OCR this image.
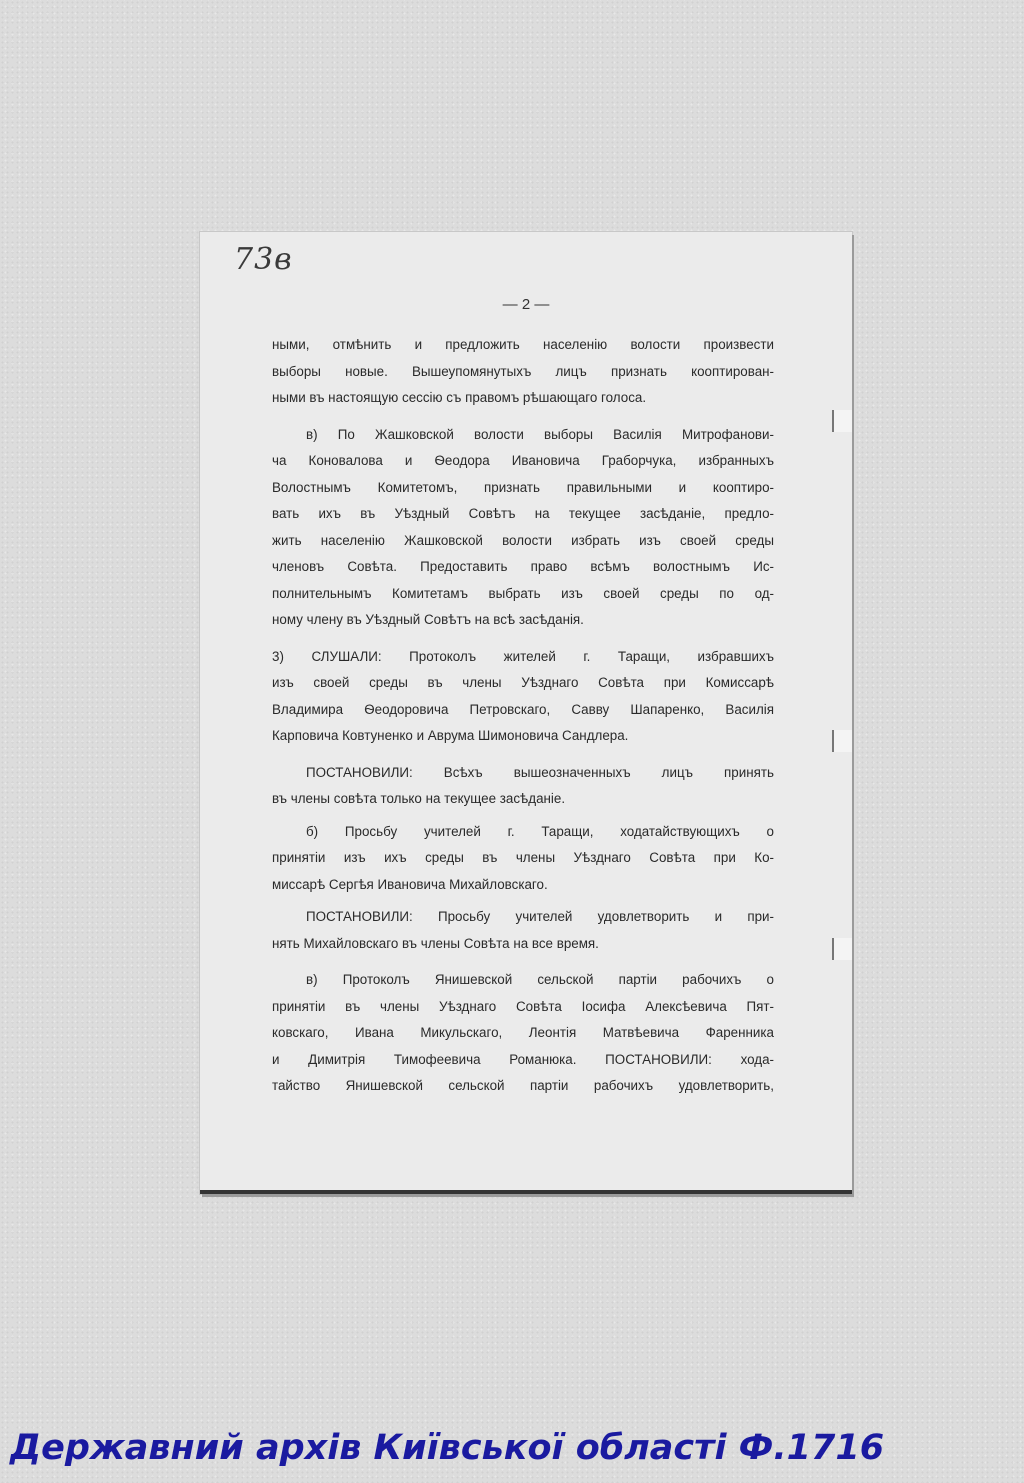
73в
— 2 —
ными, отмѣнить и предложить населенію волости произвести
выборы новые. Вышеупомянутыхъ лицъ признать кооптирован-
ными въ настоящую сессію съ правомъ рѣшающаго голоса.
в) По Жашковской волости выборы Василія Митрофанови-
ча Коновалова и Ѳеодора Ивановича Граборчука, избранныхъ
Волостнымъ Комитетомъ, признать правильными и кооптиро-
вать ихъ въ Уѣздный Совѣтъ на текущее засѣданіе, предло-
жить населенію Жашковской волости избрать изъ своей среды
членовъ Совѣта. Предоставить право всѣмъ волостнымъ Ис-
полнительнымъ Комитетамъ выбрать изъ своей среды по од-
ному члену въ Уѣздный Совѣтъ на всѣ засѣданія.
3) СЛУШАЛИ: Протоколъ жителей г. Таращи, избравшихъ
изъ своей среды въ члены Уѣзднаго Совѣта при Комиссарѣ
Владимира Ѳеодоровича Петровскаго, Савву Шапаренко, Василія
Карповича Ковтуненко и Аврума Шимоновича Сандлера.
ПОСТАНОВИЛИ: Всѣхъ вышеозначенныхъ лицъ принять
въ члены совѣта только на текущее засѣданіе.
б) Просьбу учителей г. Таращи, ходатайствующихъ о
принятіи изъ ихъ среды въ члены Уѣзднаго Совѣта при Ко-
миссарѣ Сергѣя Ивановича Михайловскаго.
ПОСТАНОВИЛИ: Просьбу учителей удовлетворить и при-
нять Михайловскаго въ члены Совѣта на все время.
в) Протоколъ Янишевской сельской партіи рабочихъ о
принятіи въ члены Уѣзднаго Совѣта Іосифа Алексѣевича Пят-
ковскаго, Ивана Микульскаго, Леонтія Матвѣевича Фаренника
и Димитрія Тимофеевича Романюка. ПОСТАНОВИЛИ: хода-
тайство Янишевской сельской партіи рабочихъ удовлетворить,
Державний архів Київської області Ф.1716
